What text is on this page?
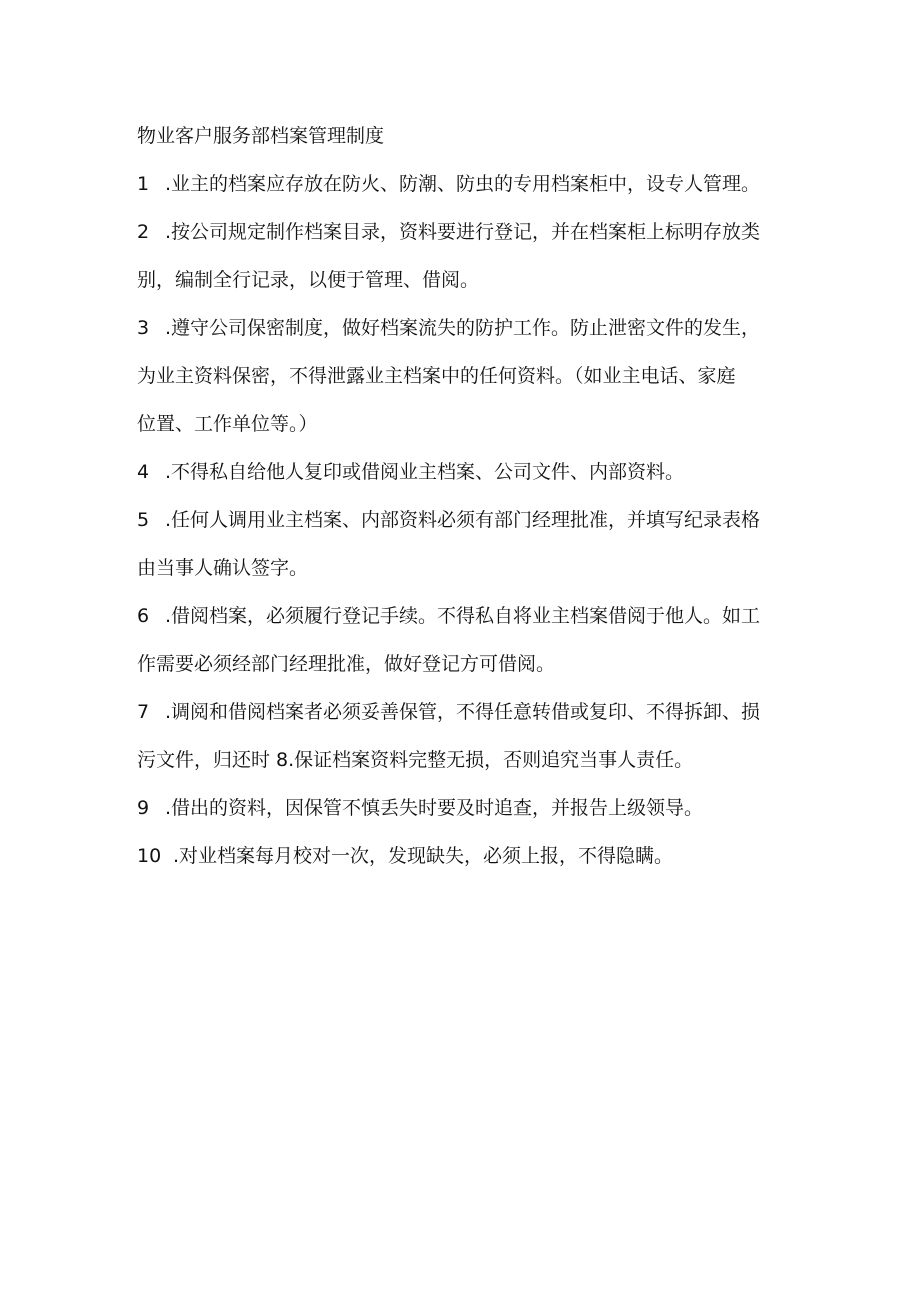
物业客户服务部档案管理制度
1 .业主的档案应存放在防火、防潮、防虫的专用档案柜中，设专人管理。
2 .按公司规定制作档案目录，资料要进行登记，并在档案柜上标明存放类
别，编制全行记录，以便于管理、借阅。
3 .遵守公司保密制度，做好档案流失的防护工作。防止泄密文件的发生，
为业主资料保密，不得泄露业主档案中的任何资料。（如业主电话、家庭
位置、工作单位等。）
4 .不得私自给他人复印或借阅业主档案、公司文件、内部资料。
5 .任何人调用业主档案、内部资料必须有部门经理批准，并填写纪录表格
由当事人确认签字。
6 .借阅档案，必须履行登记手续。不得私自将业主档案借阅于他人。如工
作需要必须经部门经理批准，做好登记方可借阅。
7 .调阅和借阅档案者必须妥善保管，不得任意转借或复印、不得拆卸、损
污文件，归还时 8.保证档案资料完整无损，否则追究当事人责任。
9 .借出的资料，因保管不慎丢失时要及时追查，并报告上级领导。
10 .对业档案每月校对一次，发现缺失，必须上报，不得隐瞒。
